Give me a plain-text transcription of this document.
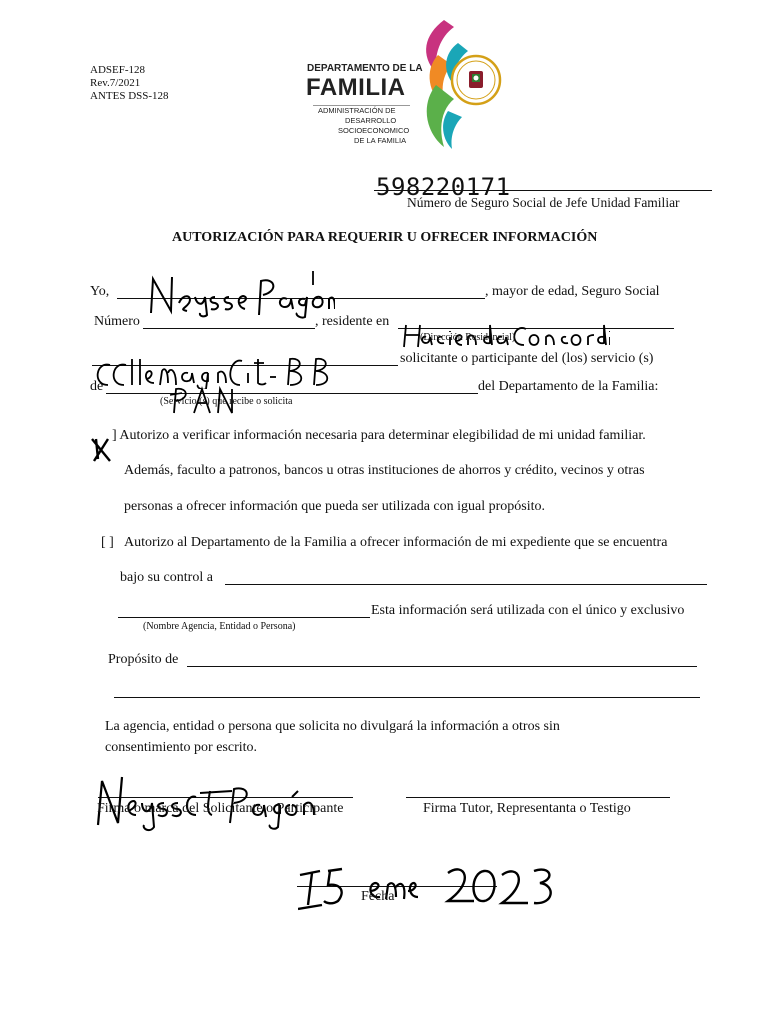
ADSEF-128
Rev.7/2021
ANTES DSS-128
DEPARTAMENTO DE LA
FAMILIA
ADMINISTRACIÓN DE
DESARROLLO
SOCIOECONOMICO
DE LA FAMILIA
598220171
Número de Seguro Social de Jefe Unidad Familiar
AUTORIZACIÓN PARA REQUERIR U OFRECER INFORMACIÓN
Yo,	, mayor de edad, Seguro Social
Número	, residente en
(Dirección Residencial)
solicitante o participante del (los) servicio (s)
de	del Departamento de la Familia:
(Servicio (s) que recibe o solicita
] Autorizo a verificar información necesaria para determinar elegibilidad de mi unidad familiar.
Además, faculto a patronos, bancos u otras instituciones de ahorros y crédito, vecinos y otras
personas a ofrecer información que pueda ser utilizada con igual propósito.
[ ] Autorizo al Departamento de la Familia a ofrecer información de mi expediente que se encuentra
bajo su control a
Esta información será utilizada con el único y exclusivo
(Nombre Agencia, Entidad o Persona)
Propósito de
La agencia, entidad o persona que solicita no divulgará la información a otros sin
consentimiento por escrito.
Firma o marca del Solicitante o Participante	Firma Tutor, Representanta o Testigo
Fecha
